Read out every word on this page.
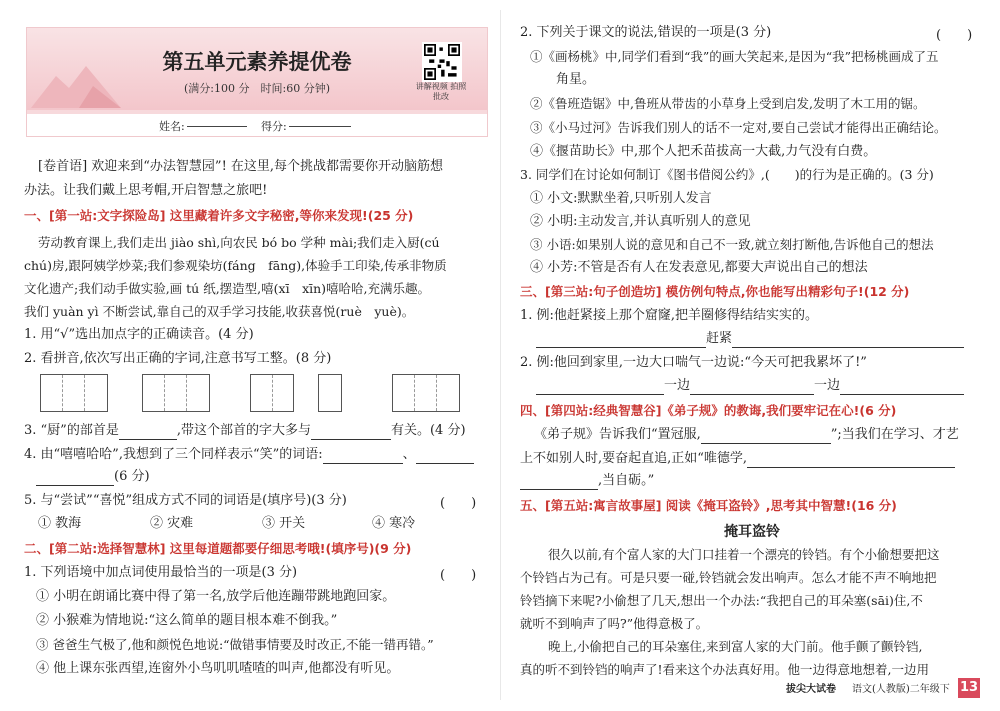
第五单元素养提优卷
(满分:100 分　时间:60 分钟)	讲解视频 拍照批改
姓名:	得分:
[卷首语] 欢迎来到“办法智慧园”! 在这里,每个挑战都需要你开动脑筋想
办法。让我们戴上思考帽,开启智慧之旅吧!
一、[第一站:文字探险岛] 这里藏着许多文字秘密,等你来发现!(25 分)
劳动教育课上,我们走出 jiào shì,向农民 bó bo 学种 mài;我们走入厨(cú
chú)房,跟阿姨学炒菜;我们参观染坊(fáng　fāng),体验手工印染,传承非物质
文化遗产;我们动手做实验,画 tú 纸,摆造型,嘻(xī　xīn)嘻哈哈,充满乐趣。
我们 yuàn yì 不断尝试,靠自己的双手学习技能,收获喜悦(ruè　yuè)。
1. 用“√”选出加点字的正确读音。(4 分)
2. 看拼音,依次写出正确的字词,注意书写工整。(8 分)
3. “厨”的部首是	,带这个部首的字大多与	有关。(4 分)
4. 由“嘻嘻哈哈”,我想到了三个同样表示“笑”的词语:	、
(6 分)
5. 与“尝试”“喜悦”组成方式不同的词语是(填序号)(3 分)	(　　)
① 教海	② 灾难	③ 开关	④ 寒冷
二、[第二站:选择智慧林] 这里每道题都要仔细思考哦!(填序号)(9 分)
1. 下列语境中加点词使用最恰当的一项是(3 分)	(　　)
① 小明在朗诵比赛中得了第一名,放学后他连蹦带跳地跑回家。
② 小猴难为情地说:“这么简单的题目根本难不倒我。”
③ 爸爸生气极了,他和颜悦色地说:“做错事情要及时改正,不能一错再错。”
④ 他上课东张西望,连窗外小鸟叽叽喳喳的叫声,他都没有听见。
2. 下列关于课文的说法,错误的一项是(3 分)	(　　)
①《画杨桃》中,同学们看到“我”的画大笑起来,是因为“我”把杨桃画成了五
角星。
②《鲁班造锯》中,鲁班从带齿的小草身上受到启发,发明了木工用的锯。
③《小马过河》告诉我们别人的话不一定对,要自己尝试才能得出正确结论。
④《揠苗助长》中,那个人把禾苗拔高一大截,力气没有白费。
3. 同学们在讨论如何制订《图书借阅公约》,(　　)的行为是正确的。(3 分)
① 小文:默默坐着,只听别人发言
② 小明:主动发言,并认真听别人的意见
③ 小语:如果别人说的意见和自己不一致,就立刻打断他,告诉他自己的想法
④ 小芳:不管是否有人在发表意见,都要大声说出自己的想法
三、[第三站:句子创造坊] 模仿例句特点,你也能写出精彩句子!(12 分)
1. 例:他赶紧接上那个窟窿,把羊圈修得结结实实的。
赶紧
2. 例:他回到家里,一边大口喘气一边说:“今天可把我累坏了!”
一边	一边
四、[第四站:经典智慧谷]《弟子规》的教诲,我们要牢记在心!(6 分)
《弟子规》告诉我们“置冠服,	”;当我们在学习、才艺
上不如别人时,要奋起直追,正如“唯德学,
,当自砺。”
五、[第五站:寓言故事屋] 阅读《掩耳盗铃》,思考其中智慧!(16 分)
掩耳盗铃
很久以前,有个富人家的大门口挂着一个漂亮的铃铛。有个小偷想要把这
个铃铛占为己有。可是只要一碰,铃铛就会发出响声。怎么才能不声不响地把
铃铛摘下来呢?小偷想了几天,想出一个办法:“我把自己的耳朵塞(sāi)住,不
就听不到响声了吗?”他得意极了。
晚上,小偷把自己的耳朵塞住,来到富人家的大门前。他手颤了颤铃铛,
真的听不到铃铛的响声了!看来这个办法真好用。他一边得意地想着,一边用
拔尖大试卷 语文(人教版)二年级下 13
